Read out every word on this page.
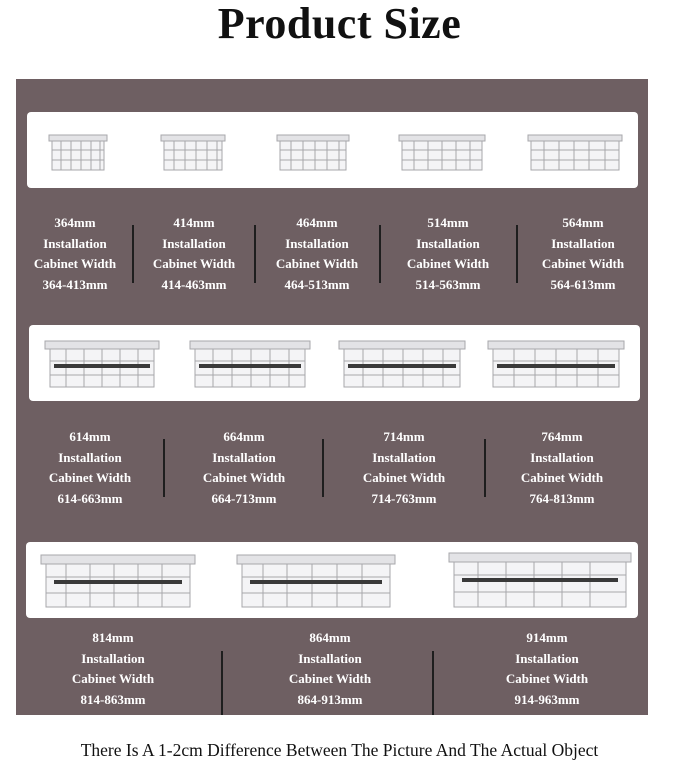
Product Size
364mm
Installation
Cabinet Width
364-413mm
414mm
Installation
Cabinet Width
414-463mm
464mm
Installation
Cabinet Width
464-513mm
514mm
Installation
Cabinet Width
514-563mm
564mm
Installation
Cabinet Width
564-613mm
614mm
Installation
Cabinet Width
614-663mm
664mm
Installation
Cabinet Width
664-713mm
714mm
Installation
Cabinet Width
714-763mm
764mm
Installation
Cabinet Width
764-813mm
814mm
Installation
Cabinet Width
814-863mm
864mm
Installation
Cabinet Width
864-913mm
914mm
Installation
Cabinet Width
914-963mm
There Is A 1-2cm Difference Between The Picture And The Actual Object
